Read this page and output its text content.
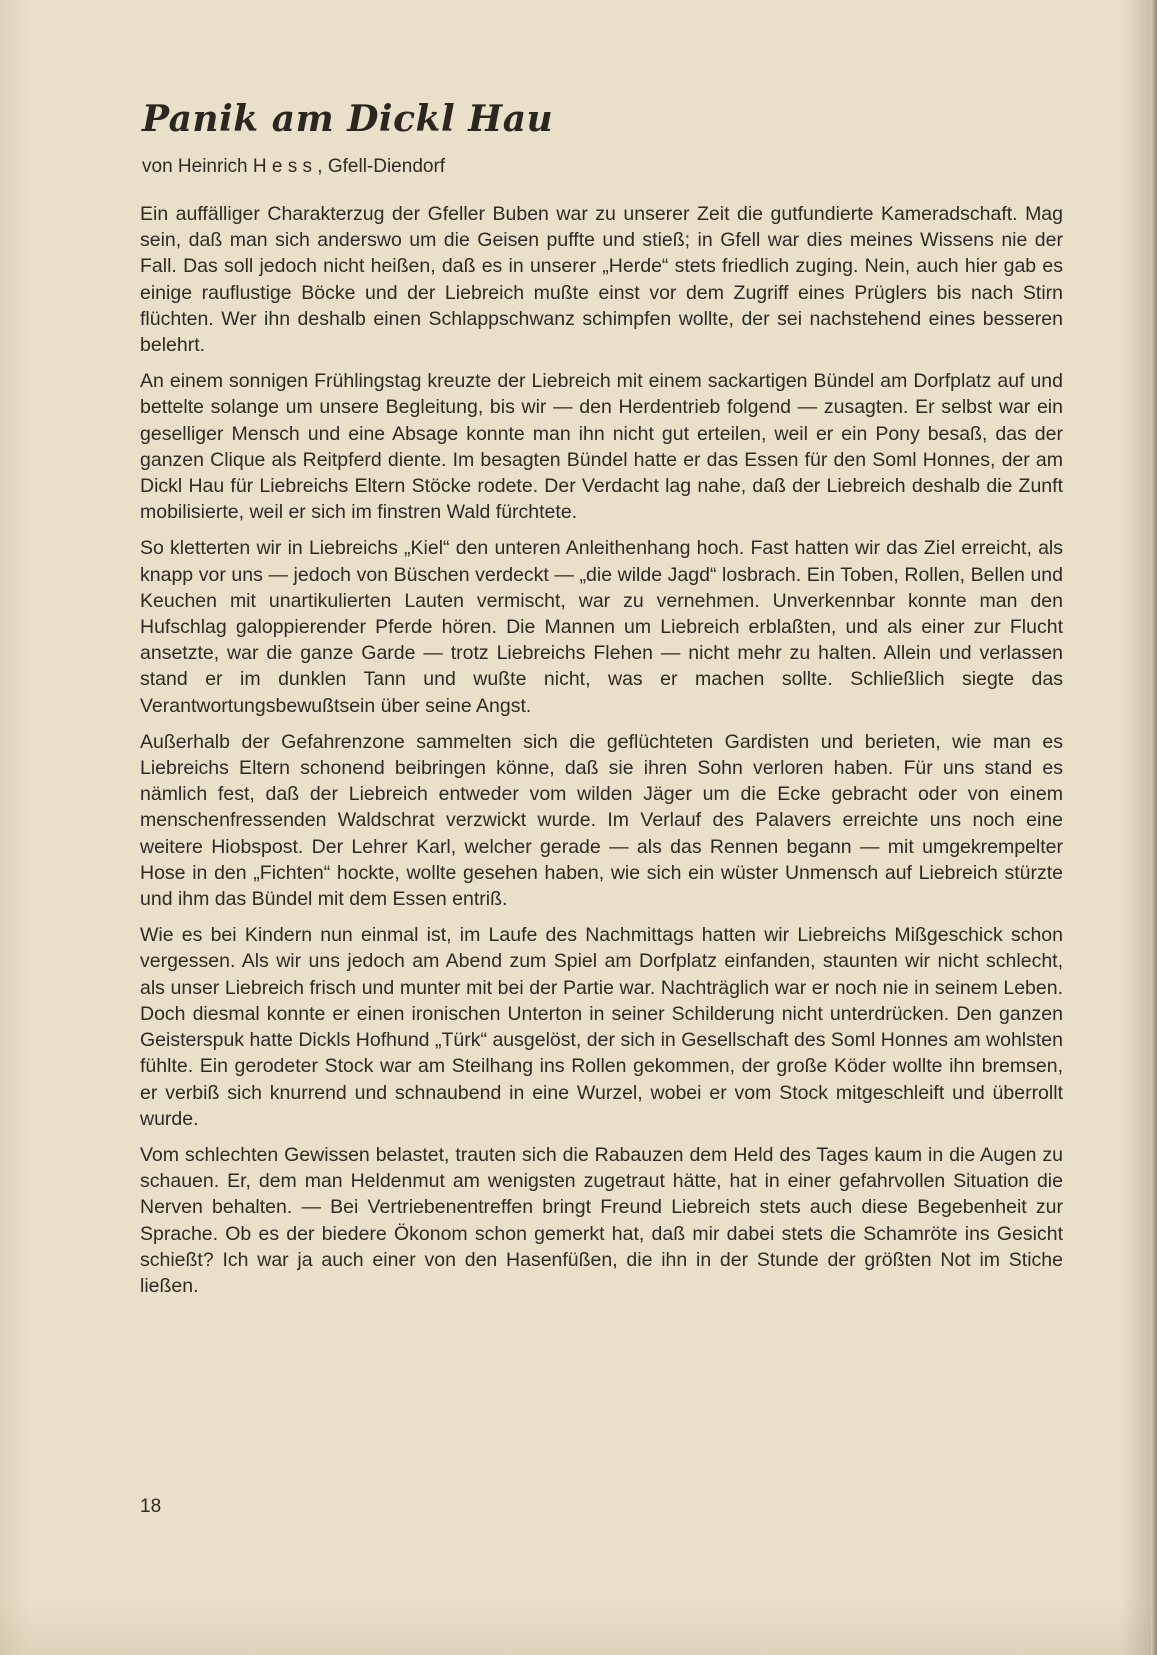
Panik am Dickl Hau

von Heinrich H e s s , Gfell-Diendorf

Ein auffälliger Charakterzug der Gfeller Buben war zu unserer Zeit die gutfundierte Kameradschaft. Mag sein, daß man sich anderswo um die Geisen puffte und stieß; in Gfell war dies meines Wissens nie der Fall. Das soll jedoch nicht heißen, daß es in unserer „Herde“ stets friedlich zuging. Nein, auch hier gab es einige rauflustige Böcke und der Liebreich mußte einst vor dem Zugriff eines Prüglers bis nach Stirn flüchten. Wer ihn deshalb einen Schlappschwanz schimpfen wollte, der sei nachstehend eines besseren belehrt.

An einem sonnigen Frühlingstag kreuzte der Liebreich mit einem sackartigen Bündel am Dorfplatz auf und bettelte solange um unsere Begleitung, bis wir — den Herdentrieb folgend — zusagten. Er selbst war ein geselliger Mensch und eine Absage konnte man ihn nicht gut erteilen, weil er ein Pony besaß, das der ganzen Clique als Reitpferd diente. Im besagten Bündel hatte er das Essen für den Soml Honnes, der am Dickl Hau für Liebreichs Eltern Stöcke rodete. Der Verdacht lag nahe, daß der Liebreich deshalb die Zunft mobilisierte, weil er sich im finstren Wald fürchtete.

So kletterten wir in Liebreichs „Kiel“ den unteren Anleithenhang hoch. Fast hatten wir das Ziel erreicht, als knapp vor uns — jedoch von Büschen verdeckt — „die wilde Jagd“ losbrach. Ein Toben, Rollen, Bellen und Keuchen mit unartikulierten Lauten vermischt, war zu vernehmen. Unverkennbar konnte man den Hufschlag galoppierender Pferde hören. Die Mannen um Liebreich erblaßten, und als einer zur Flucht ansetzte, war die ganze Garde — trotz Liebreichs Flehen — nicht mehr zu halten. Allein und verlassen stand er im dunklen Tann und wußte nicht, was er machen sollte. Schließlich siegte das Verantwortungsbewußtsein über seine Angst.

Außerhalb der Gefahrenzone sammelten sich die geflüchteten Gardisten und berieten, wie man es Liebreichs Eltern schonend beibringen könne, daß sie ihren Sohn verloren haben. Für uns stand es nämlich fest, daß der Liebreich entweder vom wilden Jäger um die Ecke gebracht oder von einem menschenfressenden Waldschrat verzwickt wurde. Im Verlauf des Palavers erreichte uns noch eine weitere Hiobspost. Der Lehrer Karl, welcher gerade — als das Rennen begann — mit umgekrempelter Hose in den „Fichten“ hockte, wollte gesehen haben, wie sich ein wüster Unmensch auf Liebreich stürzte und ihm das Bündel mit dem Essen entriß.

Wie es bei Kindern nun einmal ist, im Laufe des Nachmittags hatten wir Liebreichs Mißgeschick schon vergessen. Als wir uns jedoch am Abend zum Spiel am Dorfplatz einfanden, staunten wir nicht schlecht, als unser Liebreich frisch und munter mit bei der Partie war. Nachträglich war er noch nie in seinem Leben. Doch diesmal konnte er einen ironischen Unterton in seiner Schilderung nicht unterdrücken. Den ganzen Geisterspuk hatte Dickls Hofhund „Türk“ ausgelöst, der sich in Gesellschaft des Soml Honnes am wohlsten fühlte. Ein gerodeter Stock war am Steilhang ins Rollen gekommen, der große Köder wollte ihn bremsen, er verbiß sich knurrend und schnaubend in eine Wurzel, wobei er vom Stock mitgeschleift und überrollt wurde.

Vom schlechten Gewissen belastet, trauten sich die Rabauzen dem Held des Tages kaum in die Augen zu schauen. Er, dem man Heldenmut am wenigsten zugetraut hätte, hat in einer gefahrvollen Situation die Nerven behalten. — Bei Vertriebenentreffen bringt Freund Liebreich stets auch diese Begebenheit zur Sprache. Ob es der biedere Ökonom schon gemerkt hat, daß mir dabei stets die Schamröte ins Gesicht schießt? Ich war ja auch einer von den Hasenfüßen, die ihn in der Stunde der größten Not im Stiche ließen.

18
